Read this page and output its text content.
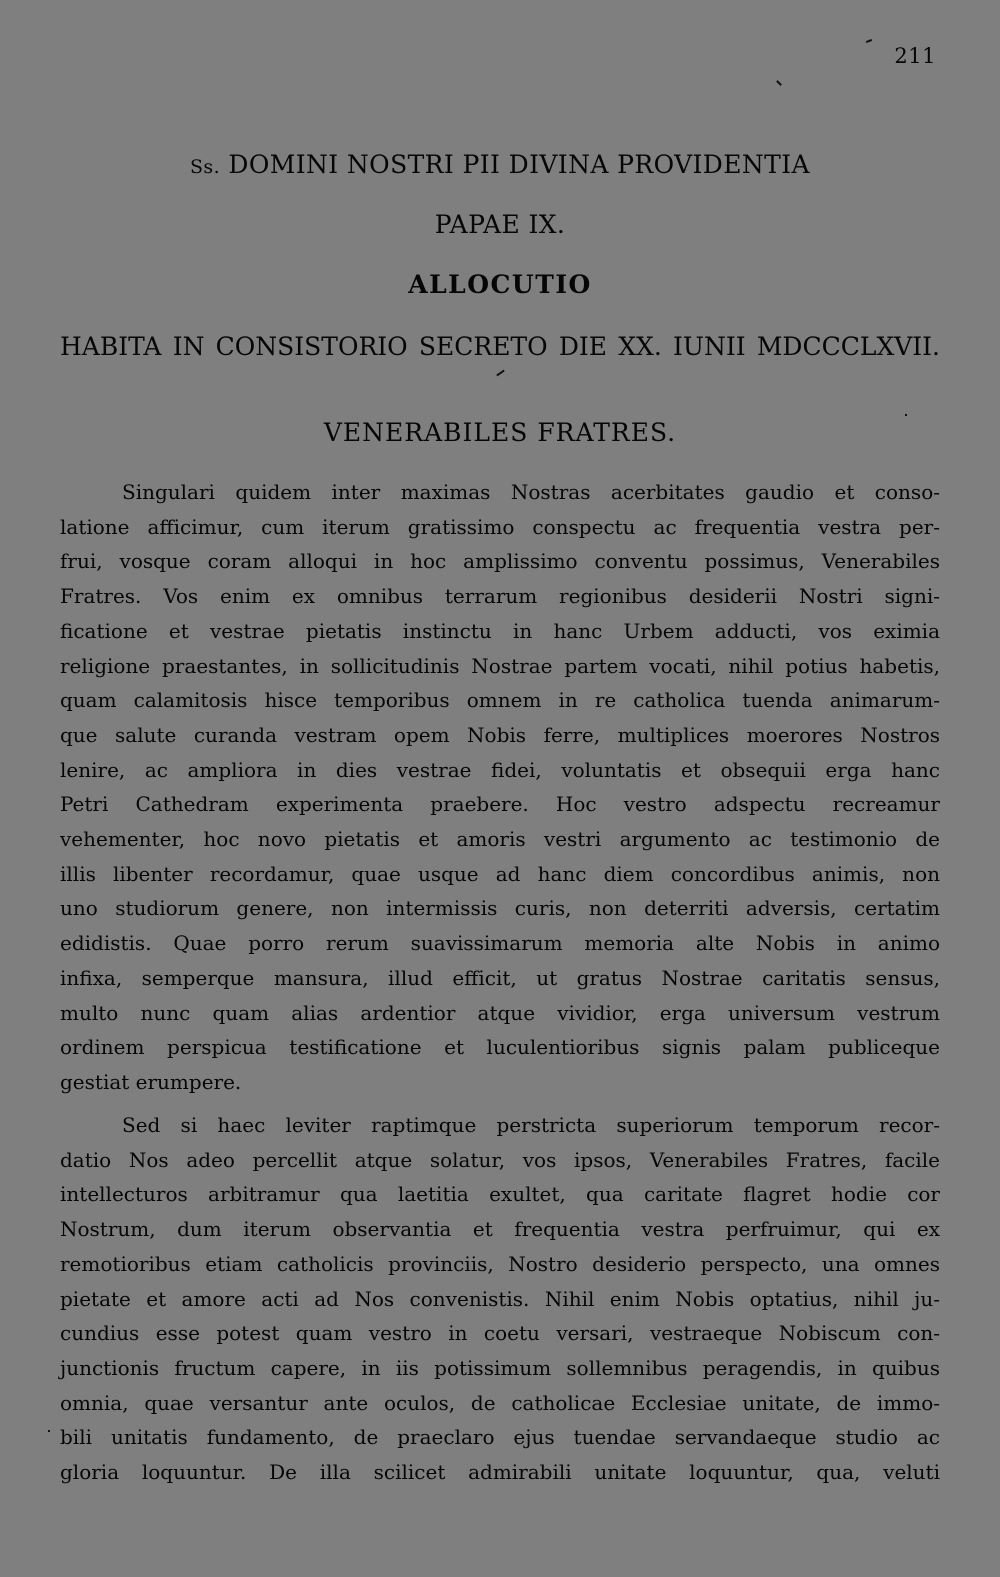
211
Ss. DOMINI NOSTRI PII DIVINA PROVIDENTIA
PAPAE IX.
ALLOCUTIO
HABITA IN CONSISTORIO SECRETO DIE XX. IUNII MDCCCLXVII.
VENERABILES FRATRES.
Singulari quidem inter maximas Nostras acerbitates gaudio et conso-
latione afficimur, cum iterum gratissimo conspectu ac frequentia vestra per-
frui, vosque coram alloqui in hoc amplissimo conventu possimus, Venerabiles
Fratres. Vos enim ex omnibus terrarum regionibus desiderii Nostri signi-
ficatione et vestrae pietatis instinctu in hanc Urbem adducti, vos eximia
religione praestantes, in sollicitudinis Nostrae partem vocati, nihil potius habetis,
quam calamitosis hisce temporibus omnem in re catholica tuenda animarum-
que salute curanda vestram opem Nobis ferre, multiplices moerores Nostros
lenire, ac ampliora in dies vestrae fidei, voluntatis et obsequii erga hanc
Petri Cathedram experimenta praebere. Hoc vestro adspectu recreamur
vehementer, hoc novo pietatis et amoris vestri argumento ac testimonio de
illis libenter recordamur, quae usque ad hanc diem concordibus animis, non
uno studiorum genere, non intermissis curis, non deterriti adversis, certatim
edidistis. Quae porro rerum suavissimarum memoria alte Nobis in animo
infixa, semperque mansura, illud efficit, ut gratus Nostrae caritatis sensus,
multo nunc quam alias ardentior atque vividior, erga universum vestrum
ordinem perspicua testificatione et luculentioribus signis palam publiceque
gestiat erumpere.
Sed si haec leviter raptimque perstricta superiorum temporum recor-
datio Nos adeo percellit atque solatur, vos ipsos, Venerabiles Fratres, facile
intellecturos arbitramur qua laetitia exultet, qua caritate flagret hodie cor
Nostrum, dum iterum observantia et frequentia vestra perfruimur, qui ex
remotioribus etiam catholicis provinciis, Nostro desiderio perspecto, una omnes
pietate et amore acti ad Nos convenistis. Nihil enim Nobis optatius, nihil ju-
cundius esse potest quam vestro in coetu versari, vestraeque Nobiscum con-
junctionis fructum capere, in iis potissimum sollemnibus peragendis, in quibus
omnia, quae versantur ante oculos, de catholicae Ecclesiae unitate, de immo-
bili unitatis fundamento, de praeclaro ejus tuendae servandaeque studio ac
gloria loquuntur. De illa scilicet admirabili unitate loquuntur, qua, veluti
